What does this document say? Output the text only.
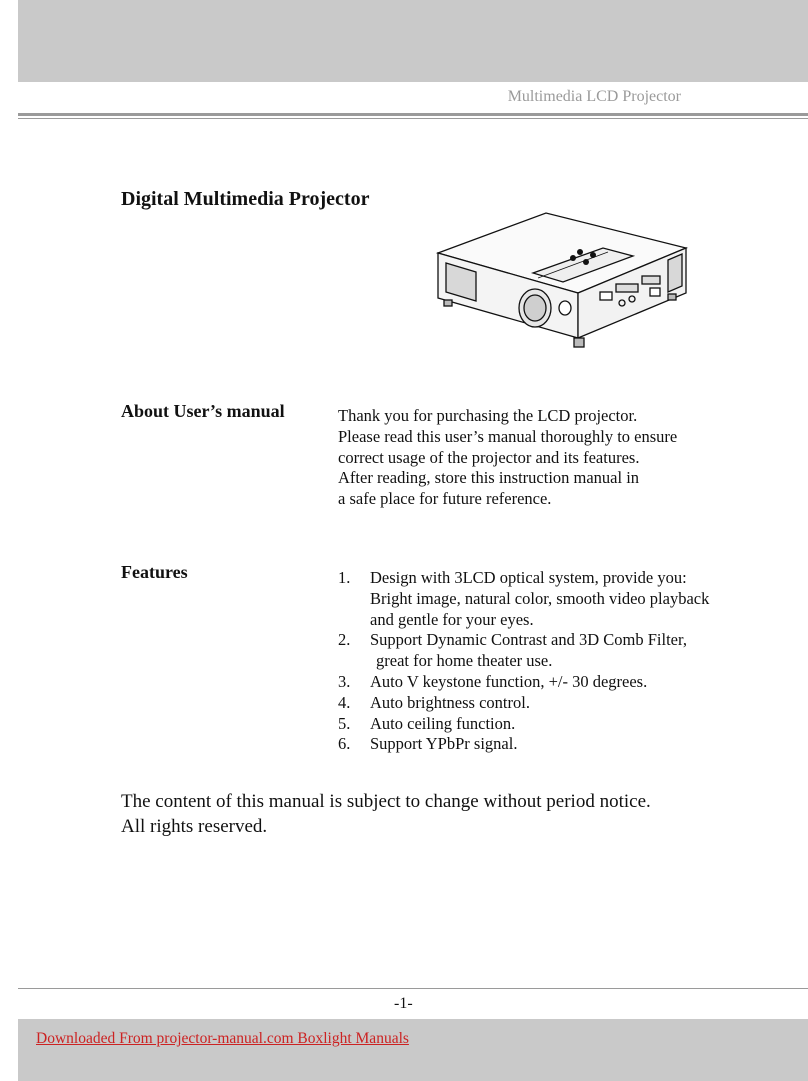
Multimedia LCD Projector
Digital Multimedia Projector
About User’s manual	Thank you for purchasing the LCD projector.
Please read this user’s manual thoroughly to ensure
correct usage of the projector and its features.
After reading, store this instruction manual in
a safe place for future reference.
Features	1. Design with 3LCD optical system, provide you:
Bright image, natural color, smooth video playback
and gentle for your eyes.
2. Support Dynamic Contrast and 3D Comb Filter,
great for home theater use.
3. Auto V keystone function, +/- 30 degrees.
4. Auto brightness control.
5. Auto ceiling function.
6. Support YPbPr signal.
The content of this manual is subject to change without period notice.
All rights reserved.
-1-
Downloaded From projector-manual.com Boxlight Manuals
